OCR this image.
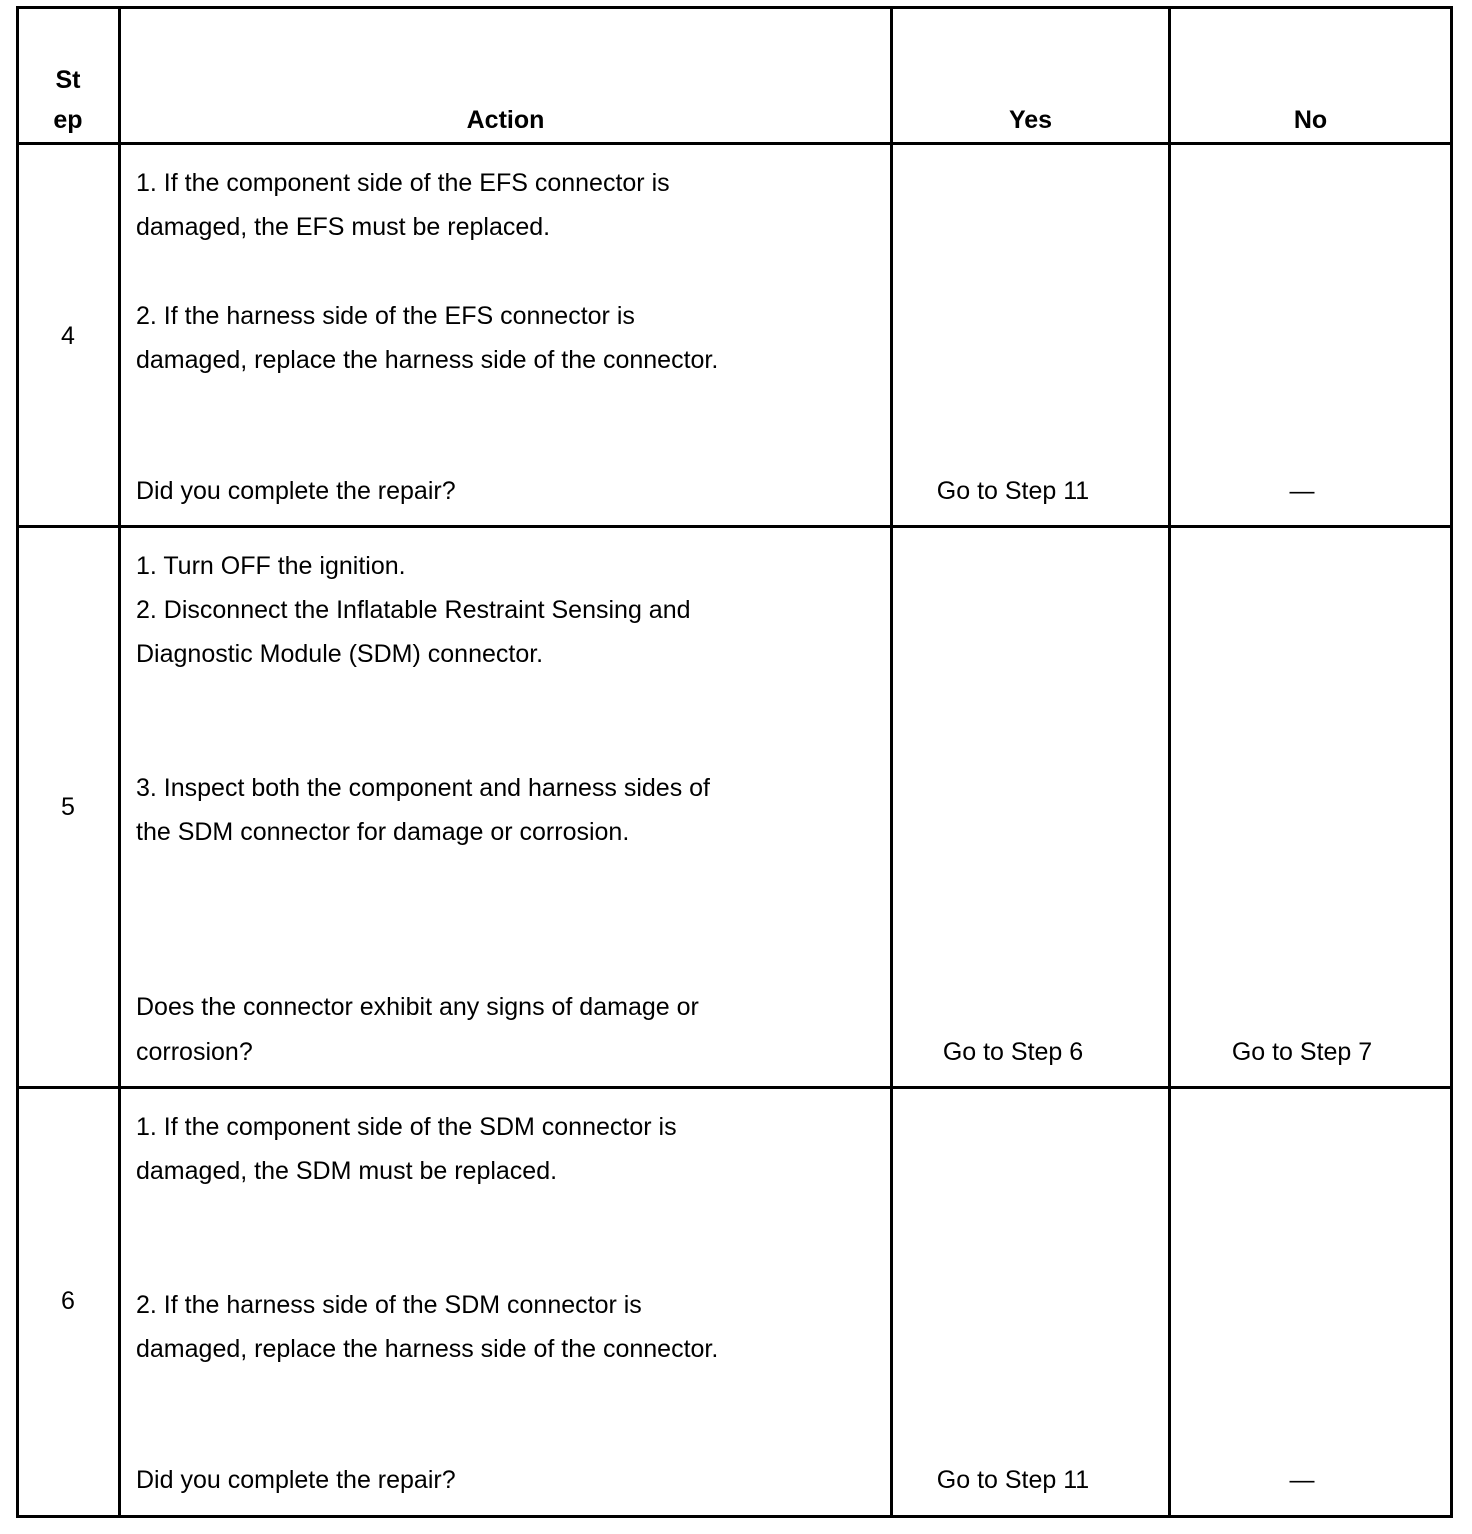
St
ep	Action	Yes	No
4
1. If the component side of the EFS connector is
damaged, the EFS must be replaced.
2. If the harness side of the EFS connector is
damaged, replace the harness side of the connector.
Did you complete the repair?	Go to Step 11	—
5
1. Turn OFF the ignition.
2. Disconnect the Inflatable Restraint Sensing and
Diagnostic Module (SDM) connector.
3. Inspect both the component and harness sides of
the SDM connector for damage or corrosion.
Does the connector exhibit any signs of damage or
corrosion?	Go to Step 6	Go to Step 7
6
1. If the component side of the SDM connector is
damaged, the SDM must be replaced.
2. If the harness side of the SDM connector is
damaged, replace the harness side of the connector.
Did you complete the repair?	Go to Step 11	—
